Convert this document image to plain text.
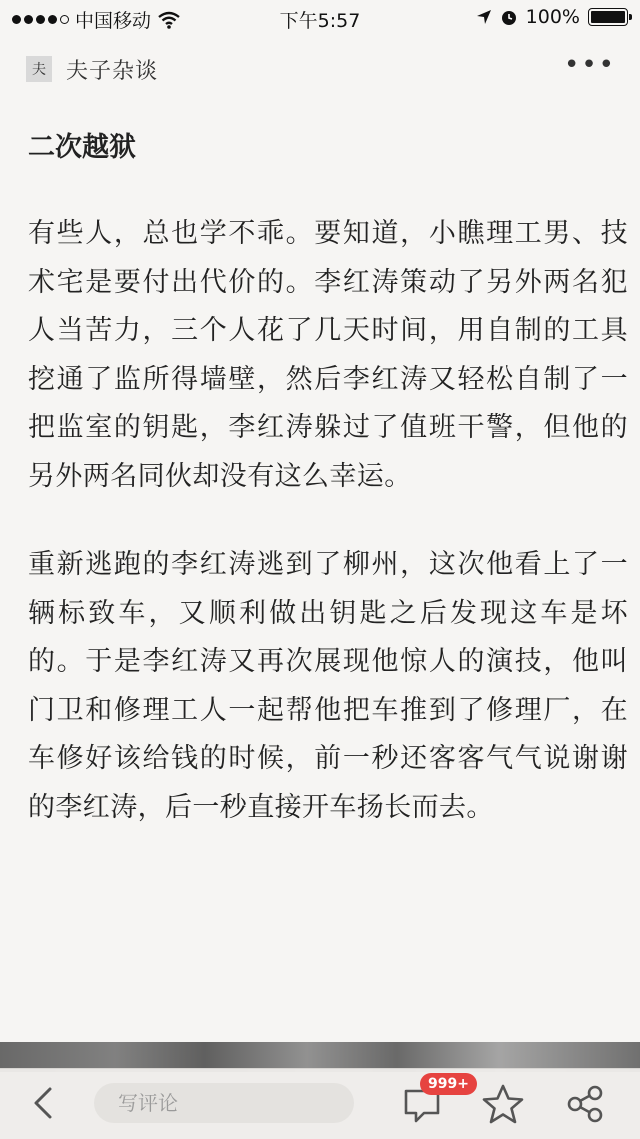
中国移动	下午5:57	100%
夫 夫子杂谈	•••
二次越狱

有些人，总也学不乖。要知道，小瞧理工男、技术宅是要付出代价的。李红涛策动了另外两名犯人当苦力，三个人花了几天时间，用自制的工具挖通了监所得墙壁，然后李红涛又轻松自制了一把监室的钥匙，李红涛躲过了值班干警，但他的另外两名同伙却没有这么幸运。

重新逃跑的李红涛逃到了柳州，这次他看上了一辆标致车，又顺利做出钥匙之后发现这车是坏的。于是李红涛又再次展现他惊人的演技，他叫门卫和修理工人一起帮他把车推到了修理厂，在车修好该给钱的时候，前一秒还客客气气说谢谢的李红涛，后一秒直接开车扬长而去。

写评论
999+
